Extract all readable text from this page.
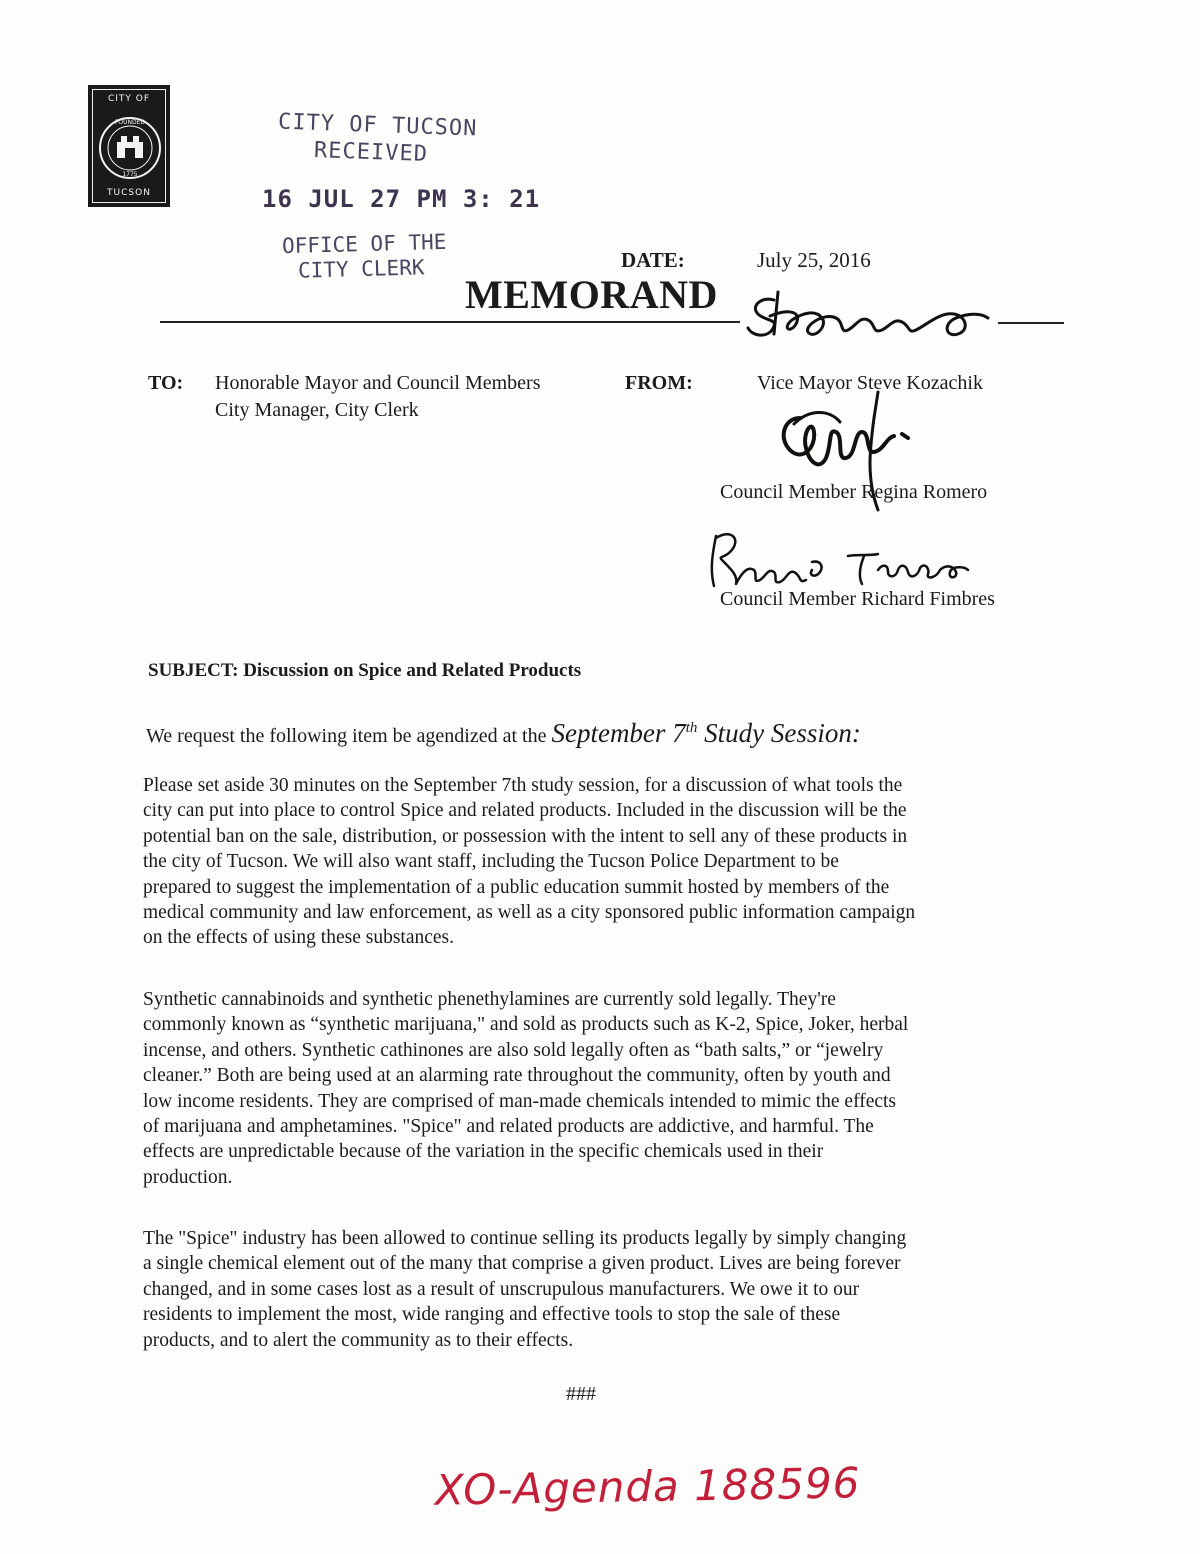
CITY OF
FOUNDED
1775
TUCSON
CITY OF TUCSON
RECEIVED
16 JUL 27 PM 3: 21
OFFICE OF THE
CITY CLERK	DATE:	July 25, 2016
MEMORAND
TO: Honorable Mayor and Council Members
City Manager, City Clerk
FROM:	Vice Mayor Steve Kozachik
Council Member Regina Romero
Council Member Richard Fimbres
SUBJECT: Discussion on Spice and Related Products
We request the following item be agendized at the September 7th Study Session:
Please set aside 30 minutes on the September 7th study session, for a discussion of what tools the
city can put into place to control Spice and related products. Included in the discussion will be the
potential ban on the sale, distribution, or possession with the intent to sell any of these products in
the city of Tucson. We will also want staff, including the Tucson Police Department to be
prepared to suggest the implementation of a public education summit hosted by members of the
medical community and law enforcement, as well as a city sponsored public information campaign
on the effects of using these substances.
Synthetic cannabinoids and synthetic phenethylamines are currently sold legally. They're
commonly known as “synthetic marijuana," and sold as products such as K-2, Spice, Joker, herbal
incense, and others. Synthetic cathinones are also sold legally often as “bath salts,” or “jewelry
cleaner.” Both are being used at an alarming rate throughout the community, often by youth and
low income residents. They are comprised of man-made chemicals intended to mimic the effects
of marijuana and amphetamines. "Spice" and related products are addictive, and harmful. The
effects are unpredictable because of the variation in the specific chemicals used in their
production.
The "Spice" industry has been allowed to continue selling its products legally by simply changing
a single chemical element out of the many that comprise a given product. Lives are being forever
changed, and in some cases lost as a result of unscrupulous manufacturers. We owe it to our
residents to implement the most, wide ranging and effective tools to stop the sale of these
products, and to alert the community as to their effects.
###
XO-Agenda 188596
